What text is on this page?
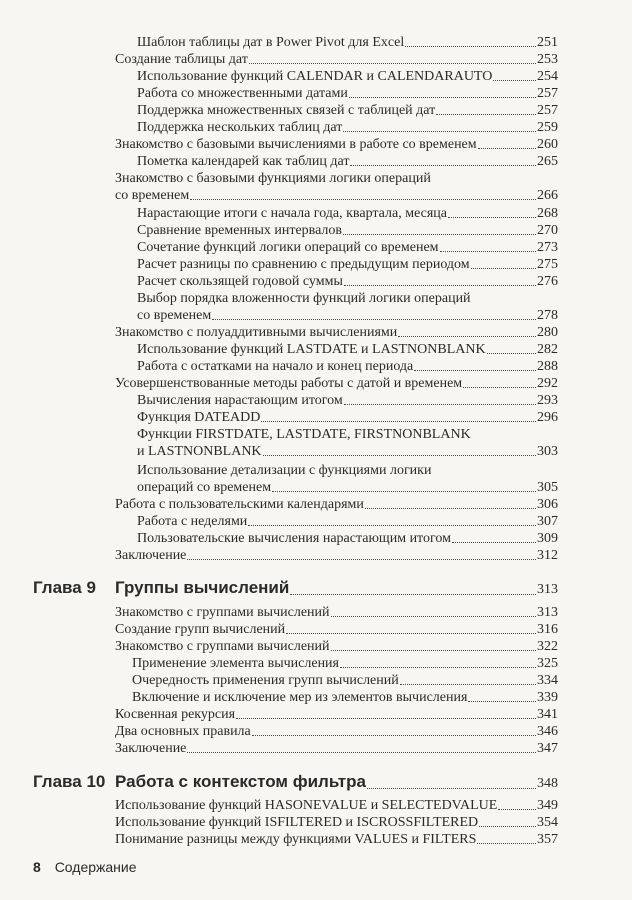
Шаблон таблицы дат в Power Pivot для Excel	251
Создание таблицы дат	253
Использование функций CALENDAR и CALENDARAUTO	254
Работа со множественными датами	257
Поддержка множественных связей с таблицей дат	257
Поддержка нескольких таблиц дат	259
Знакомство с базовыми вычислениями в работе со временем	260
Пометка календарей как таблиц дат	265
Знакомство с базовыми функциями логики операций
со временем	266
Нарастающие итоги с начала года, квартала, месяца	268
Сравнение временных интервалов	270
Сочетание функций логики операций со временем	273
Расчет разницы по сравнению с предыдущим периодом	275
Расчет скользящей годовой суммы	276
Выбор порядка вложенности функций логики операций
со временем	278
Знакомство с полуаддитивными вычислениями	280
Использование функций LASTDATE и LASTNONBLANK	282
Работа с остатками на начало и конец периода	288
Усовершенствованные методы работы с датой и временем	292
Вычисления нарастающим итогом	293
Функция DATEADD	296
Функции FIRSTDATE, LASTDATE, FIRSTNONBLANK
и LASTNONBLANK	303
Использование детализации с функциями логики
операций со временем	305
Работа с пользовательскими календарями	306
Работа с неделями	307
Пользовательские вычисления нарастающим итогом	309
Заключение	312
Глава 9 Группы вычислений	313
Знакомство с группами вычислений	313
Создание групп вычислений	316
Знакомство с группами вычислений	322
Применение элемента вычисления	325
Очередность применения групп вычислений	334
Включение и исключение мер из элементов вычисления	339
Косвенная рекурсия	341
Два основных правила	346
Заключение	347
Глава 10 Работа с контекстом фильтра	348
Использование функций HASONEVALUE и SELECTEDVALUE	349
Использование функций ISFILTERED и ISCROSSFILTERED	354
Понимание разницы между функциями VALUES и FILTERS	357
8 Содержание
